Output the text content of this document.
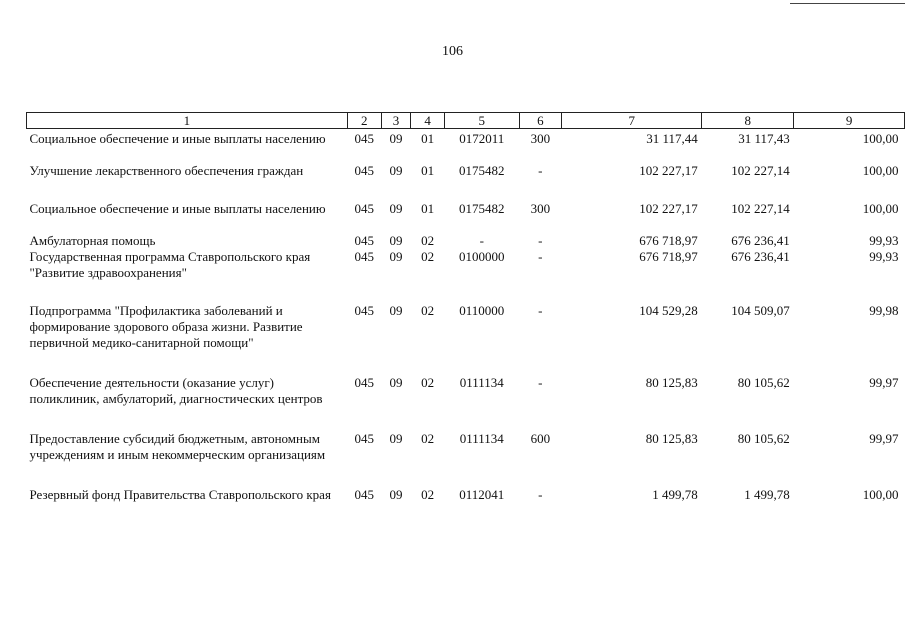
106
1	2	3	4	5	6	7	8	9
Социальное обеспечение и иные выплаты населению	045	09	01	0172011	300	31 117,44	31 117,43	100,00
Улучшение лекарственного обеспечения граждан	045	09	01	0175482	-	102 227,17	102 227,14	100,00
Социальное обеспечение и иные выплаты населению	045	09	01	0175482	300	102 227,17	102 227,14	100,00
Амбулаторная помощь	045	09	02	-	-	676 718,97	676 236,41	99,93
Государственная программа Ставропольского края "Развитие здравоохранения"	045	09	02	0100000	-	676 718,97	676 236,41	99,93
Подпрограмма "Профилактика заболеваний и формирование здорового образа жизни. Развитие первичной медико-санитарной помощи"	045	09	02	0110000	-	104 529,28	104 509,07	99,98
Обеспечение деятельности (оказание услуг) поликлиник, амбулаторий, диагностических центров	045	09	02	0111134	-	80 125,83	80 105,62	99,97
Предоставление субсидий бюджетным, автономным учреждениям и иным некоммерческим организациям	045	09	02	0111134	600	80 125,83	80 105,62	99,97
Резервный фонд Правительства Ставропольского края	045	09	02	0112041	-	1 499,78	1 499,78	100,00
